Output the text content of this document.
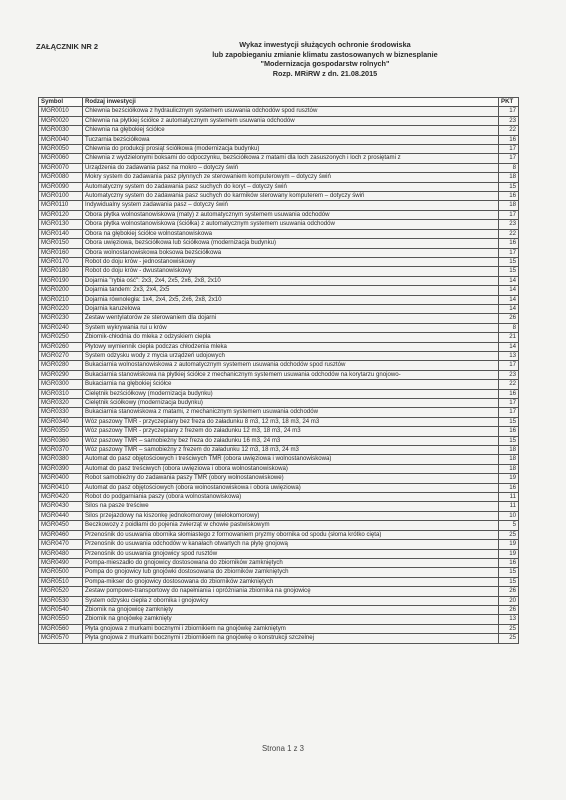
ZAŁĄCZNIK NR 2	Wykaz inwestycji służących ochronie środowiska
lub zapobieganiu zmianie klimatu zastosowanych w biznesplanie
"Modernizacja gospodarstw rolnych"
Rozp. MRiRW z dn. 21.08.2015
Symbol	Rodzaj inwestycji	PKT
MGR0010	Chlewnia bezściółkowa z hydraulicznym systemem usuwania odchodów spod rusztów	17
MGR0020	Chlewnia na płytkiej ściółce z automatycznym systemem usuwania odchodów	23
MGR0030	Chlewnia na głębokiej ściółce	22
MGR0040	Tuczarnia bezściółkowa	16
MGR0050	Chlewnia do produkcji prosiąt ściółkowa (modernizacja budynku)	17
MGR0060	Chlewnia z wydzielonymi boksami do odpoczynku, bezściółkowa z matami dla loch zasuszonych i loch z prosiętami z	17
MGR0070	Urządzenia do zadawania pasz na mokro – dotyczy świń	8
MGR0080	Mokry system do zadawania pasz płynnych ze sterowaniem komputerowym – dotyczy świń	18
MGR0090	Automatyczny system do zadawania pasz suchych do koryt – dotyczy świń	15
MGR0100	Automatyczny system do zadawania pasz suchych do karmików sterowany komputerem – dotyczy świń	16
MGR0110	Indywidualny system zadawania pasz – dotyczy świń	18
MGR0120	Obora płytka wolnostanowiskowa (maty) z automatycznym systemem usuwania odchodów	17
MGR0130	Obora płytka wolnostanowiskowa (ściółka) z automatycznym systemem usuwania odchodów	23
MGR0140	Obora na głębokiej ściółce wolnostanowiskowa	22
MGR0150	Obora uwięziowa, bezściółkowa lub ściółkowa (modernizacja budynku)	16
MGR0160	Obora wolnostanowiskowa boksowa bezściółkowa	17
MGR0170	Robot do doju krów - jednostanowiskowy	15
MGR0180	Robot do doju krów - dwustanowiskowy	15
MGR0190	Dojarnia "rybia ość": 2x3, 2x4, 2x5, 2x6, 2x8, 2x10	14
MGR0200	Dojarnia tandem: 2x3, 2x4, 2x5	14
MGR0210	Dojarnia równoległa: 1x4, 2x4, 2x5, 2x6, 2x8, 2x10	14
MGR0220	Dojarnia karuzelowa	14
MGR0230	Zestaw wentylatorów ze sterowaniem dla dojarni	26
MGR0240	System wykrywania rui u krów	8
MGR0250	Zbiornik-chłodnia do mleka z odzyskiem ciepła	21
MGR0260	Płytowy wymiennik ciepła podczas chłodzenia mleka	14
MGR0270	System odzysku wody z mycia urządzeń udojowych	13
MGR0280	Bukaciarnia wolnostanowiskowa z automatycznym systemem usuwania odchodów spod rusztów	17
MGR0290	Bukaciarnia stanowiskowa na płytkiej ściółce z mechanicznym systemem usuwania odchodów na korytarzu gnojowo-	23
MGR0300	Bukaciarnia na głębokiej ściółce	22
MGR0310	Cielętnik bezściółkowy (modernizacja budynku)	16
MGR0320	Cielętnik ściółkowy (modernizacja budynku)	17
MGR0330	Bukaciarnia stanowiskowa z matami, z mechanicznym systemem usuwania odchodów	17
MGR0340	Wóz paszowy TMR - przyczepiany bez freza do załadunku 8 m3, 12 m3, 18 m3, 24 m3	15
MGR0350	Wóz paszowy TMR - przyczepiany z frezem do załadunku 12 m3, 18 m3, 24 m3	16
MGR0360	Wóz paszowy TMR – samobieżny bez freza do załadunku 16 m3, 24 m3	15
MGR0370	Wóz paszowy TMR – samobieżny z frezem do załadunku 12 m3, 18 m3, 24 m3	18
MGR0380	Automat do pasz objętościowych i treściwych TMR (obora uwięziowa i wolnostanowiskowa)	18
MGR0390	Automat do pasz treściwych (obora uwięziowa i obora wolnostanowiskowa)	18
MGR0400	Robot samobieżny do zadawania paszy TMR (obory wolnostanowiskowe)	19
MGR0410	Automat do pasz objętościowych (obora wolnostanowiskowa i obora uwięziowa)	16
MGR0420	Robot do podgarniania paszy (obora wolnostanowiskowa)	11
MGR0430	Silos na pasze treściwe	11
MGR0440	Silos przejazdowy na kiszonkę jednokomorowy (wielokomorowy)	10
MGR0450	Beczkowozy z poidłami do pojenia zwierząt w chowie pastwiskowym	5
MGR0460	Przenośnik do usuwania obornika słomiastego z formowaniem pryzmy obornika od spodu (słoma krótko cięta)	25
MGR0470	Przenośnik do usuwania odchodów w kanałach otwartych na płytę gnojową	19
MGR0480	Przenośnik do usuwania gnojowicy spod rusztów	19
MGR0490	Pompa-mieszadło do gnojowicy dostosowana do zbiorników zamkniętych	16
MGR0500	Pompa do gnojowicy lub gnojówki dostosowana do zbiorników zamkniętych	15
MGR0510	Pompa-mikser do gnojowicy dostosowana do zbiorników zamkniętych	15
MGR0520	Zestaw pompowo-transportowy do napełniania i opróżniania zbiornika na gnojowicę	26
MGR0530	System odzysku ciepła z obornika i gnojowicy	20
MGR0540	Zbiornik na gnojowicę zamknięty	26
MGR0550	Zbiornik na gnojówkę zamknięty	13
MGR0560	Płyta gnojowa z murkami bocznymi i zbiornikiem na gnojówkę zamkniętym	25
MGR0570	Płyta gnojowa z murkami bocznymi i zbiornikiem na gnojówkę o konstrukcji szczelnej	25
Strona 1 z 3
